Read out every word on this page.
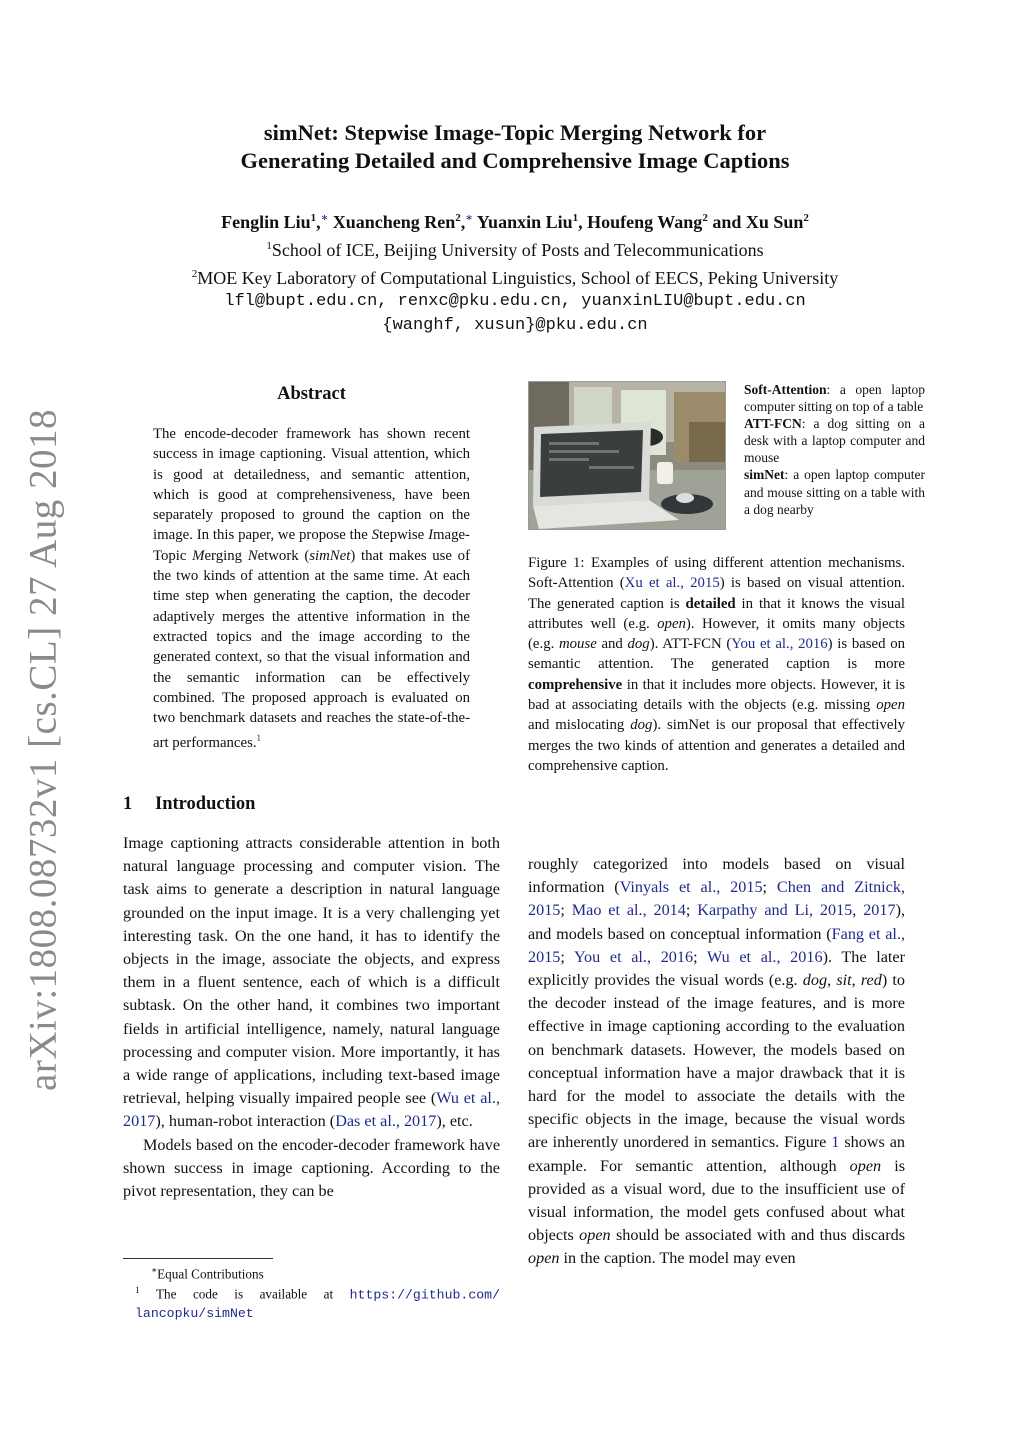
arXiv:1808.08732v1 [cs.CL] 27 Aug 2018
simNet: Stepwise Image-Topic Merging Network for
Generating Detailed and Comprehensive Image Captions
Fenglin Liu$^1$,∗ Xuancheng Ren$^2$,∗ Yuanxin Liu$^1$, Houfeng Wang$^2$ and Xu Sun$^2$
$^1$School of ICE, Beijing University of Posts and Telecommunications
$^2$MOE Key Laboratory of Computational Linguistics, School of EECS, Peking University
lfl@bupt.edu.cn, renxc@pku.edu.cn, yuanxinLIU@bupt.edu.cn
{wanghf, xusun}@pku.edu.cn
Abstract
The encode-decoder framework has shown recent success in image captioning. Visual attention, which is good at detailedness, and semantic attention, which is good at comprehensiveness, have been separately proposed to ground the caption on the image. In this paper, we propose the Stepwise Image-Topic Merging Network (simNet) that makes use of the two kinds of attention at the same time. At each time step when generating the caption, the decoder adaptively merges the attentive information in the extracted topics and the image according to the generated context, so that the visual information and the semantic information can be effectively combined. The proposed approach is evaluated on two benchmark datasets and reaches the state-of-the-art performances.$^1$
1 Introduction

Image captioning attracts considerable attention in both natural language processing and computer vision. The task aims to generate a description in natural language grounded on the input image. It is a very challenging yet interesting task. On the one hand, it has to identify the objects in the image, associate the objects, and express them in a fluent sentence, each of which is a difficult subtask. On the other hand, it combines two important fields in artificial intelligence, namely, natural language processing and computer vision. More importantly, it has a wide range of applications, including text-based image retrieval, helping visually impaired people see (Wu et al., 2017), human-robot interaction (Das et al., 2017), etc.

Models based on the encoder-decoder framework have shown success in image captioning. According to the pivot representation, they can be

∗Equal Contributions
$^1$ The code is available at https://github.com/ lancopku/simNet
Soft-Attention: a open laptop computer sitting on top of a table
ATT-FCN: a dog sitting on a desk with a laptop computer and mouse
simNet: a open laptop computer and mouse sitting on a table with a dog nearby
Figure 1: Examples of using different attention mechanisms. Soft-Attention (Xu et al., 2015) is based on visual attention. The generated caption is detailed in that it knows the visual attributes well (e.g. open). However, it omits many objects (e.g. mouse and dog). ATT-FCN (You et al., 2016) is based on semantic attention. The generated caption is more comprehensive in that it includes more objects. However, it is bad at associating details with the objects (e.g. missing open and mislocating dog). simNet is our proposal that effectively merges the two kinds of attention and generates a detailed and comprehensive caption.

roughly categorized into models based on visual information (Vinyals et al., 2015; Chen and Zitnick, 2015; Mao et al., 2014; Karpathy and Li, 2015, 2017), and models based on conceptual information (Fang et al., 2015; You et al., 2016; Wu et al., 2016). The later explicitly provides the visual words (e.g. dog, sit, red) to the decoder instead of the image features, and is more effective in image captioning according to the evaluation on benchmark datasets. However, the models based on conceptual information have a major drawback that it is hard for the model to associate the details with the specific objects in the image, because the visual words are inherently unordered in semantics. Figure 1 shows an example. For semantic attention, although open is provided as a visual word, due to the insufficient use of visual information, the model gets confused about what objects open should be associated with and thus discards open in the caption. The model may even
